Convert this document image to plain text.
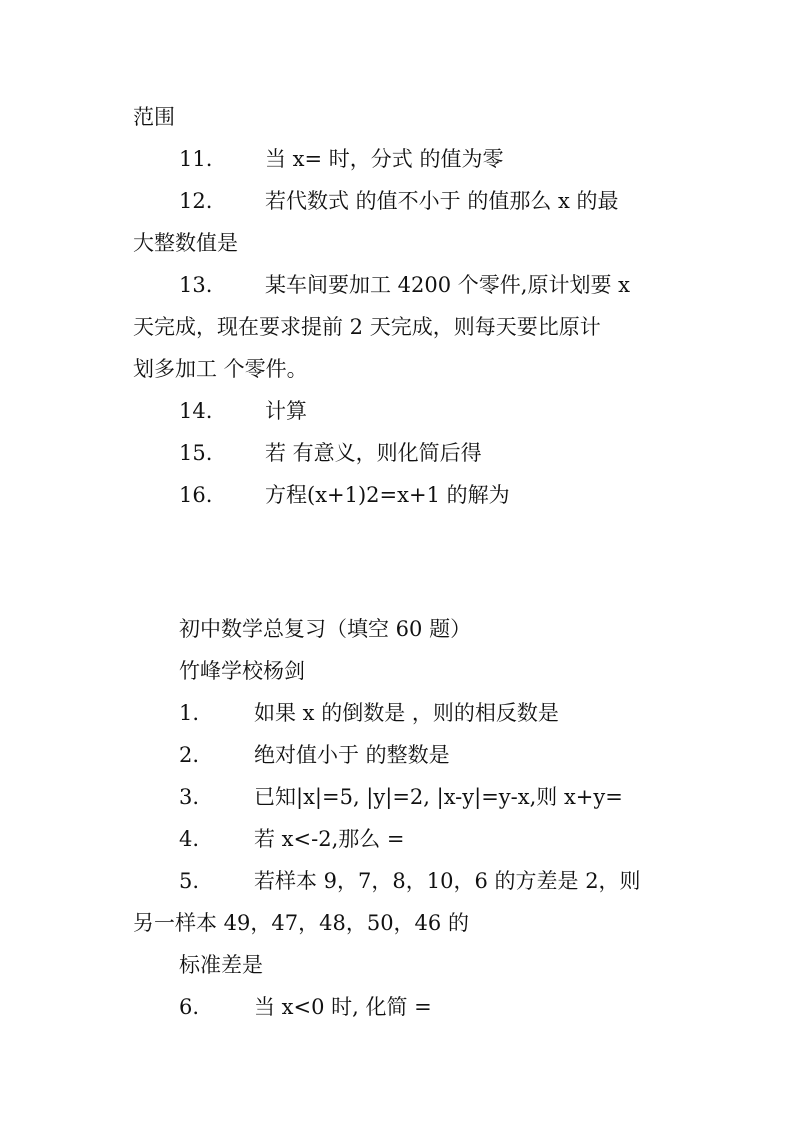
范围
11.	当 x= 时，分式 的值为零
12.	若代数式 的值不小于 的值那么 x 的最
大整数值是
13.	某车间要加工 4200 个零件,原计划要 x
天完成，现在要求提前 2 天完成，则每天要比原计
划多加工 个零件。
14.	计算
15.	若 有意义，则化简后得
16.	方程(x+1)2=x+1 的解为
初中数学总复习（填空 60 题）
竹峰学校杨剑
1.	如果 x 的倒数是 ，则的相反数是
2.	绝对值小于 的整数是
3.	已知|x|=5, |y|=2, |x-y|=y-x,则 x+y=
4.	若 x<-2,那么 =
5.	若样本 9，7，8，10，6 的方差是 2，则
另一样本 49，47，48，50，46 的
标准差是
6.	当 x<0 时, 化简 =
